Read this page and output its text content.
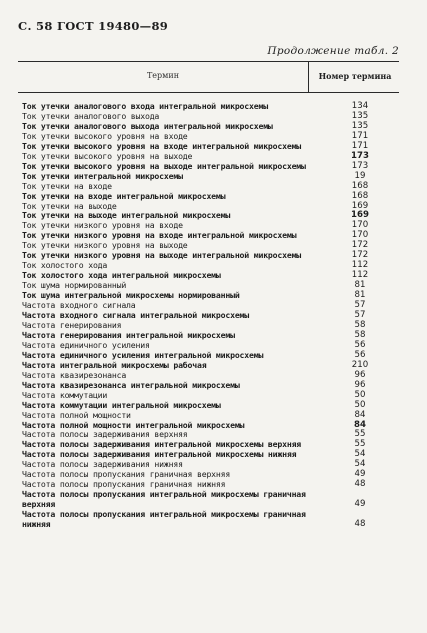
С. 58 ГОСТ 19480—89
Продолжение табл. 2
Термин	Номер термина
Ток утечки аналогового входа интегральной микросхемы	134
Ток утечки аналогового выхода	135
Ток утечки аналогового выхода интегральной микросхемы	135
Ток утечки высокого уровня на входе	171
Ток утечки высокого уровня на входе интегральной микросхемы	171
Ток утечки высокого уровня на выходе	173
Ток утечки высокого уровня на выходе интегральной микросхемы	173
Ток утечки интегральной микросхемы	19
Ток утечки на входе	168
Ток утечки на входе интегральной микросхемы	168
Ток утечки на выходе	169
Ток утечки на выходе интегральной микросхемы	169
Ток утечки низкого уровня на входе	170
Ток утечки низкого уровня на входе интегральной микросхемы	170
Ток утечки низкого уровня на выходе	172
Ток утечки низкого уровня на выходе интегральной микросхемы	172
Ток холостого хода	112
Ток холостого хода интегральной микросхемы	112
Ток шума нормированный	81
Ток шума интегральной микросхемы нормированный	81
Частота входного сигнала	57
Частота входного сигнала интегральной микросхемы	57
Частота генерирования	58
Частота генерирования интегральной микросхемы	58
Частота единичного усиления	56
Частота единичного усиления интегральной микросхемы	56
Частота интегральной микросхемы рабочая	210
Частота квазирезонанса	96
Частота квазирезонанса интегральной микросхемы	96
Частота коммутации	50
Частота коммутации интегральной микросхемы	50
Частота полной мощности	84
Частота полной мощности интегральной микросхемы	84
Частота полосы задерживания верхняя	55
Частота полосы задерживания интегральной микросхемы верхняя	55
Частота полосы задерживания интегральной микросхемы нижняя	54
Частота полосы задерживания нижняя	54
Частота полосы пропускания граничная верхняя	49
Частота полосы пропускания граничная нижняя	48
Частота полосы пропускания интегральной микросхемы граничная верхняя	49
Частота полосы пропускания интегральной микросхемы граничная нижняя	48
